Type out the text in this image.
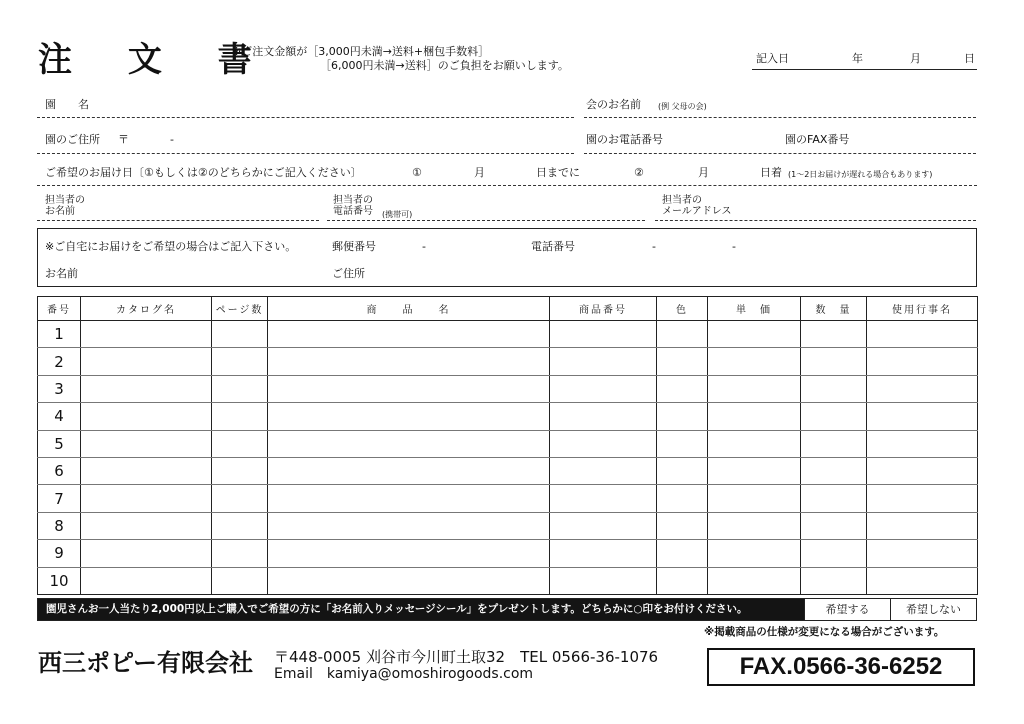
注 文 書
※ご注文金額が［3,000円未満→送料+梱包手数料］
［6,000円未満→送料］のご負担をお願いします。
記入日	年	月	日
園　　名	会のお名前 (例 父母の会)
園のご住所 〒	-	園のお電話番号	園のFAX番号
ご希望のお届け日〔①もしくは②のどちらかにご記入ください〕	①	月	日までに	②	月	日着 (1〜2日お届けが遅れる場合もあります)
担当者の
お名前
担当者の
電話番号 (携帯可)
担当者の
メールアドレス
※ご自宅にお届けをご希望の場合はご記入下さい。	郵便番号	-	電話番号	-	-
お名前	ご住所
番号	カタログ名	ページ数	商　　品　　名	商品番号	色	単　価	数　量	使用行事名
1								
2								
3								
4								
5								
6								
7								
8								
9								
10								
園児さんお一人当たり2,000円以上ご購入でご希望の方に「お名前入りメッセージシール」をプレゼントします。どちらかに○印をお付けください。	希望する	希望しない
※掲載商品の仕様が変更になる場合がございます。
西三ポピー有限会社 〒448-0005 刈谷市今川町土取32　TEL 0566-36-1076
Email　kamiya@omoshirogoods.com	FAX.0566-36-6252
